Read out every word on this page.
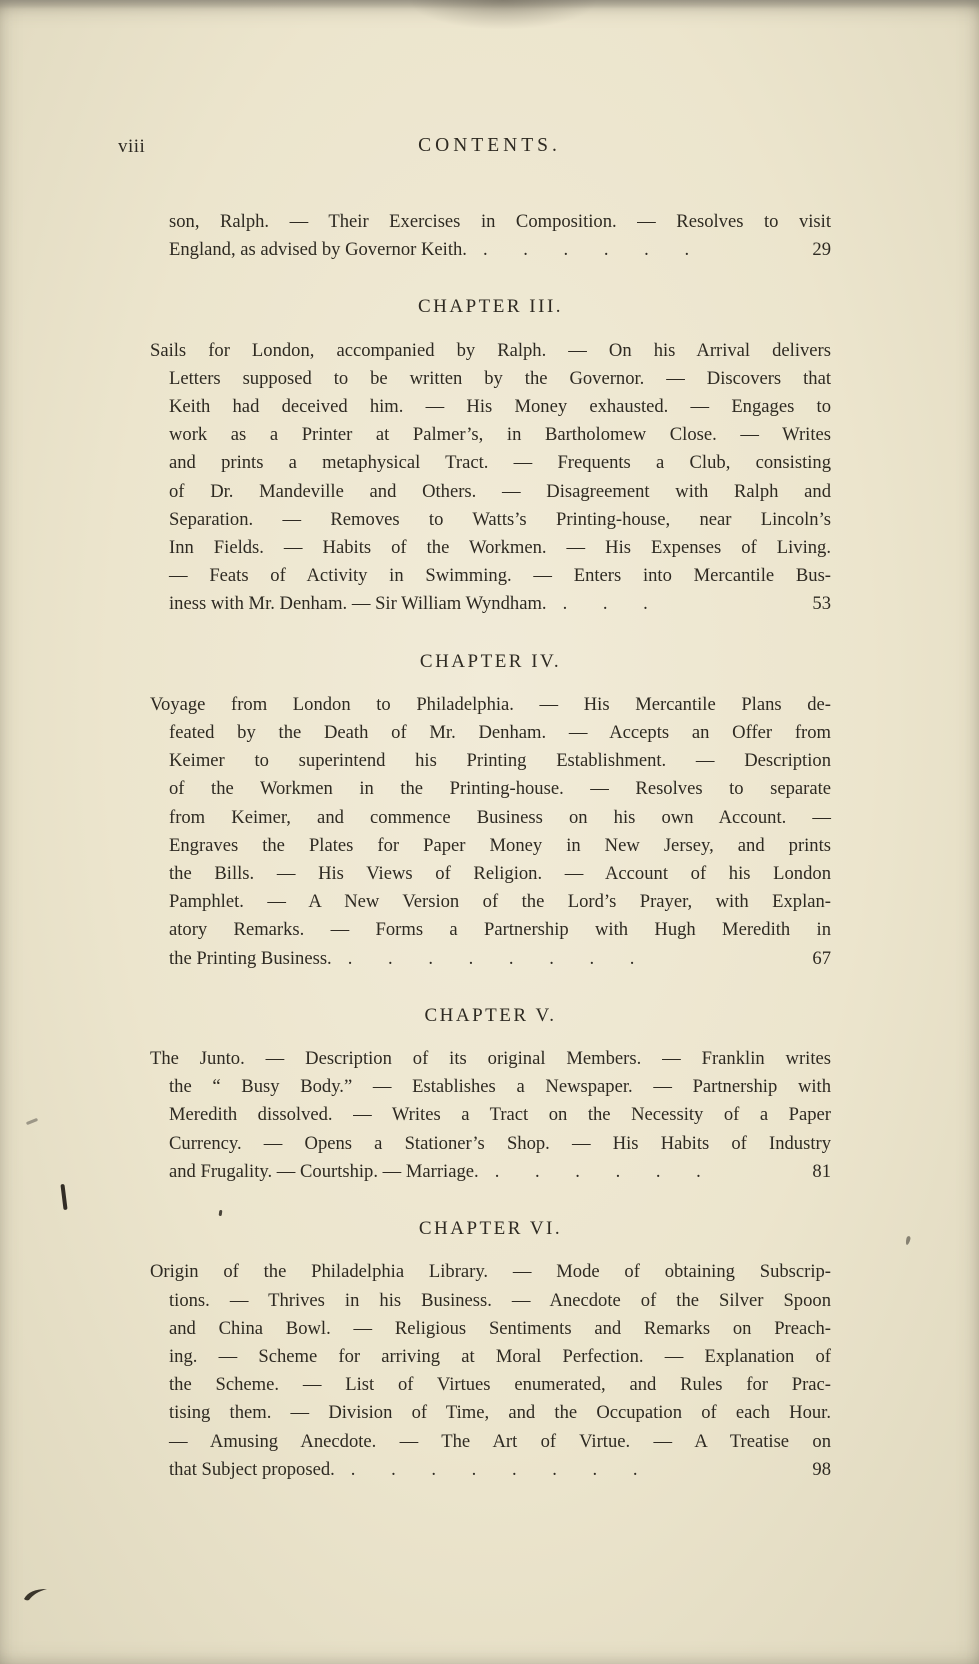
viii	CONTENTS.
son, Ralph. — Their Exercises in Composition. — Resolves to visit
England, as advised by Governor Keith. . . . . . .	29
CHAPTER III.
Sails for London, accompanied by Ralph. — On his Arrival delivers
Letters supposed to be written by the Governor. — Discovers that
Keith had deceived him. — His Money exhausted. — Engages to
work as a Printer at Palmer’s, in Bartholomew Close. — Writes
and prints a metaphysical Tract. — Frequents a Club, consisting
of Dr. Mandeville and Others. — Disagreement with Ralph and
Separation. — Removes to Watts’s Printing-house, near Lincoln’s
Inn Fields. — Habits of the Workmen. — His Expenses of Living.
— Feats of Activity in Swimming. — Enters into Mercantile Bus-
iness with Mr. Denham. — Sir William Wyndham. . . .	53
CHAPTER IV.
Voyage from London to Philadelphia. — His Mercantile Plans de-
feated by the Death of Mr. Denham. — Accepts an Offer from
Keimer to superintend his Printing Establishment. — Description
of the Workmen in the Printing-house. — Resolves to separate
from Keimer, and commence Business on his own Account. —
Engraves the Plates for Paper Money in New Jersey, and prints
the Bills. — His Views of Religion. — Account of his London
Pamphlet. — A New Version of the Lord’s Prayer, with Explan-
atory Remarks. — Forms a Partnership with Hugh Meredith in
the Printing Business. . . . . . . . .	67
CHAPTER V.
The Junto. — Description of its original Members. — Franklin writes
the “ Busy Body.” — Establishes a Newspaper. — Partnership with
Meredith dissolved. — Writes a Tract on the Necessity of a Paper
Currency. — Opens a Stationer’s Shop. — His Habits of Industry
and Frugality. — Courtship. — Marriage. . . . . . .	81
CHAPTER VI.
Origin of the Philadelphia Library. — Mode of obtaining Subscrip-
tions. — Thrives in his Business. — Anecdote of the Silver Spoon
and China Bowl. — Religious Sentiments and Remarks on Preach-
ing. — Scheme for arriving at Moral Perfection. — Explanation of
the Scheme. — List of Virtues enumerated, and Rules for Prac-
tising them. — Division of Time, and the Occupation of each Hour.
— Amusing Anecdote. — The Art of Virtue. — A Treatise on
that Subject proposed. . . . . . . . .	98
